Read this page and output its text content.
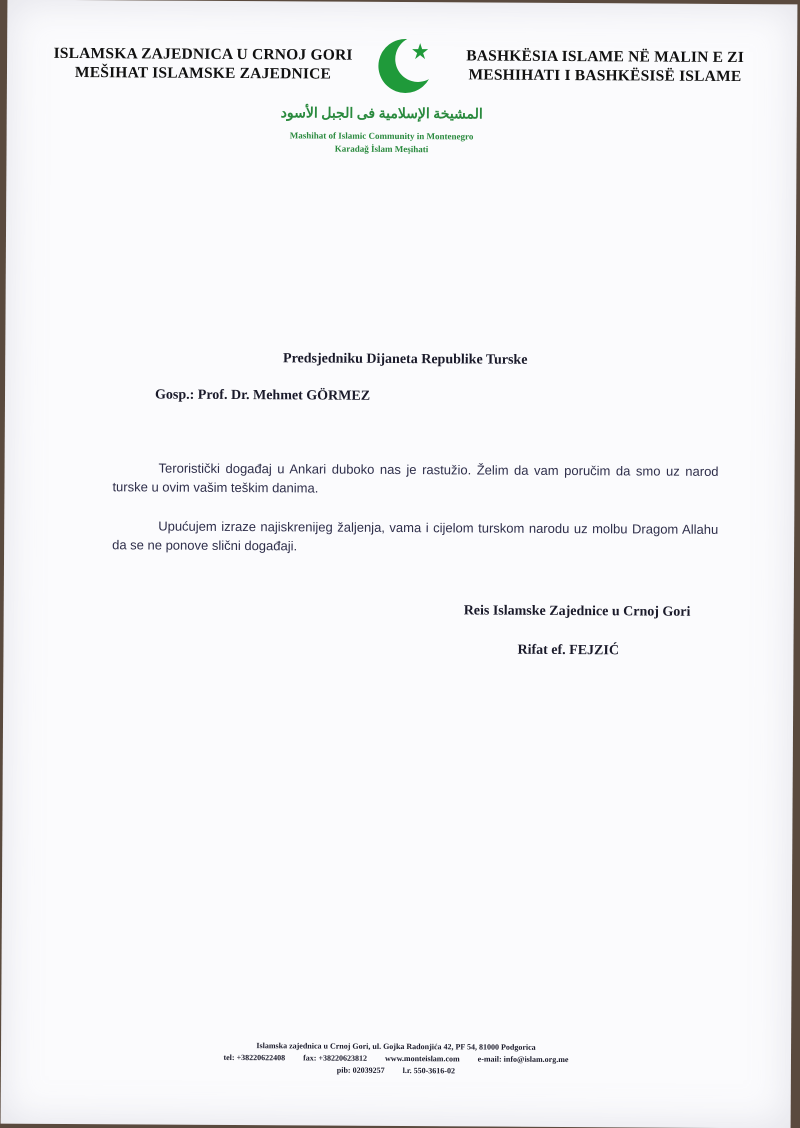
ISLAMSKA ZAJEDNICA U CRNOJ GORI
MEŠIHAT ISLAMSKE ZAJEDNICE
BASHKËSIA ISLAME NË MALIN E ZI
MESHIHATI I BASHKËSISË ISLAME
المشيخة الإسلامية فى الجبل الأسود
Mashihat of Islamic Community in Montenegro
Karadağ İslam Meşihati
Predsjedniku Dijaneta Republike Turske
Gosp.: Prof. Dr. Mehmet GÖRMEZ
Teroristički događaj u Ankari duboko nas je rastužio. Želim da vam poručim da smo uz narod turske u ovim vašim teškim danima.
Upućujem izraze najiskrenijeg žaljenja, vama i cijelom turskom narodu uz molbu Dragom Allahu da se ne ponove slični događaji.
Reis Islamske Zajednice u Crnoj Gori
Rifat ef. FEJZIĆ
Islamska zajednica u Crnoj Gori, ul. Gojka Radonjića 42, PF 54, 81000 Podgorica
tel: +38220622408 fax: +38220623812 www.monteislam.com e-mail: info@islam.org.me
pib: 02039257 l.r. 550-3616-02
